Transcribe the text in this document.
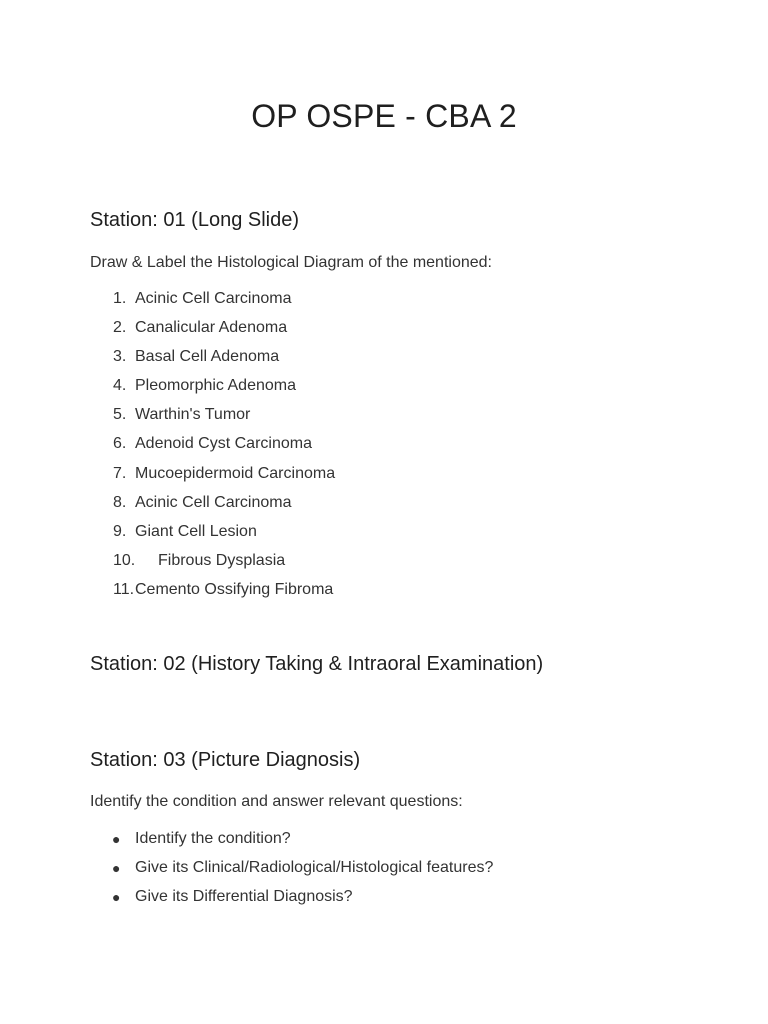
OP OSPE - CBA 2
Station: 01 (Long Slide)

Draw & Label the Histological Diagram of the mentioned:

1. Acinic Cell Carcinoma
2. Canalicular Adenoma
3. Basal Cell Adenoma
4. Pleomorphic Adenoma
5. Warthin's Tumor
6. Adenoid Cyst Carcinoma
7. Mucoepidermoid Carcinoma
8. Acinic Cell Carcinoma
9. Giant Cell Lesion
10. Fibrous Dysplasia
11. Cemento Ossifying Fibroma
Station: 02 (History Taking & Intraoral Examination)
Station: 03 (Picture Diagnosis)

Identify the condition and answer relevant questions:

● Identify the condition?
● Give its Clinical/Radiological/Histological features?
● Give its Differential Diagnosis?
